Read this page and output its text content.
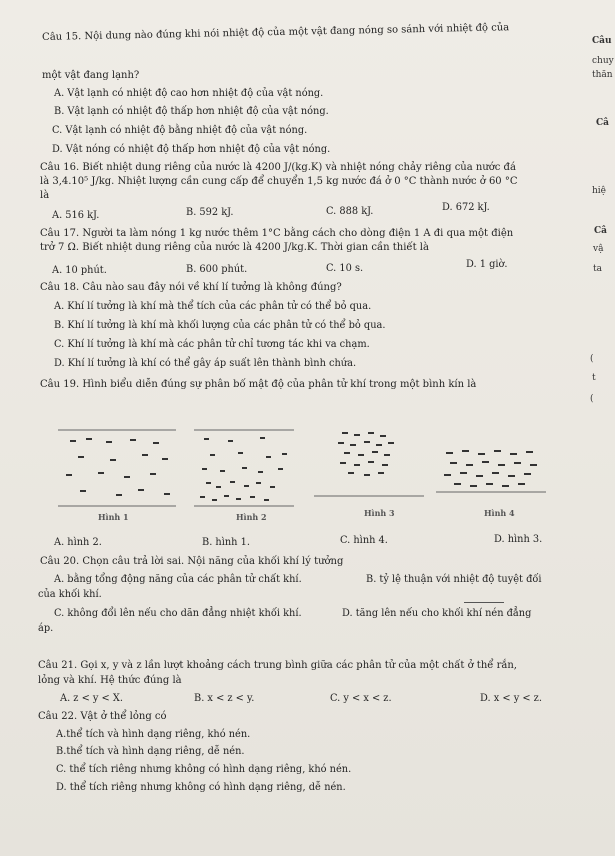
Câu
chuy
thăn
Câ
hiệ
Câ
vậ
ta
(
t
(
Câu 15. Nội dung nào đúng khi nói nhiệt độ của một vật đang nóng so sánh với nhiệt độ của
một vật đang lạnh?
A. Vật lạnh có nhiệt độ cao hơn nhiệt độ của vật nóng.
B. Vật lạnh có nhiệt độ thấp hơn nhiệt độ của vật nóng.
C. Vật lạnh có nhiệt độ bằng nhiệt độ của vật nóng.
D. Vật nóng có nhiệt độ thấp hơn nhiệt độ của vật nóng.
Câu 16. Biết nhiệt dung riêng của nước là 4200 J/(kg.K) và nhiệt nóng chảy riêng của nước đá
là 3,4.10⁵ J/kg. Nhiệt lượng cần cung cấp để chuyển 1,5 kg nước đá ở 0 °C thành nước ở 60 °C
là
A. 516 kJ.	B. 592 kJ.	C. 888 kJ.	D. 672 kJ.
Câu 17. Người ta làm nóng 1 kg nước thêm 1°C bằng cách cho dòng điện 1 A đi qua một điện
trở 7 Ω. Biết nhiệt dung riêng của nước là 4200 J/kg.K. Thời gian cần thiết là
A. 10 phút.	B. 600 phút.	C. 10 s.	D. 1 giờ.
Câu 18. Câu nào sau đây nói về khí lí tưởng là không đúng?
A. Khí lí tưởng là khí mà thể tích của các phân tử có thể bỏ qua.
B. Khí lí tưởng là khí mà khối lượng của các phân tử có thể bỏ qua.
C. Khí lí tưởng là khí mà các phân tử chỉ tương tác khi va chạm.
D. Khí lí tưởng là khí có thể gây áp suất lên thành bình chứa.
Câu 19. Hình biểu diễn đúng sự phân bố mật độ của phân tử khí trong một bình kín là
Hình 1	Hình 2	Hình 3	Hình 4
A. hình 2.	B. hình 1.	C. hình 4.	D. hình 3.
Câu 20. Chọn câu trả lời sai. Nội năng của khối khí lý tưởng
A. bằng tổng động năng của các phân tử chất khí.	B. tỷ lệ thuận với nhiệt độ tuyệt đối
của khối khí.
C. không đổi lên nếu cho dãn đẳng nhiệt khối khí.	D. tăng lên nếu cho khối khí nén đẳng
áp.
Câu 21. Gọi x, y và z lần lượt khoảng cách trung bình giữa các phân tử của một chất ở thể rắn,
lỏng và khí. Hệ thức đúng là
A. z < y < X.	B. x < z < y.	C. y < x < z.	D. x < y < z.
Câu 22. Vật ở thể lỏng có
A.thể tích và hình dạng riêng, khó nén.
B.thể tích và hình dạng riêng, dễ nén.
C. thể tích riêng nhưng không có hình dạng riêng, khó nén.
D. thể tích riêng nhưng không có hình dạng riêng, dễ nén.
